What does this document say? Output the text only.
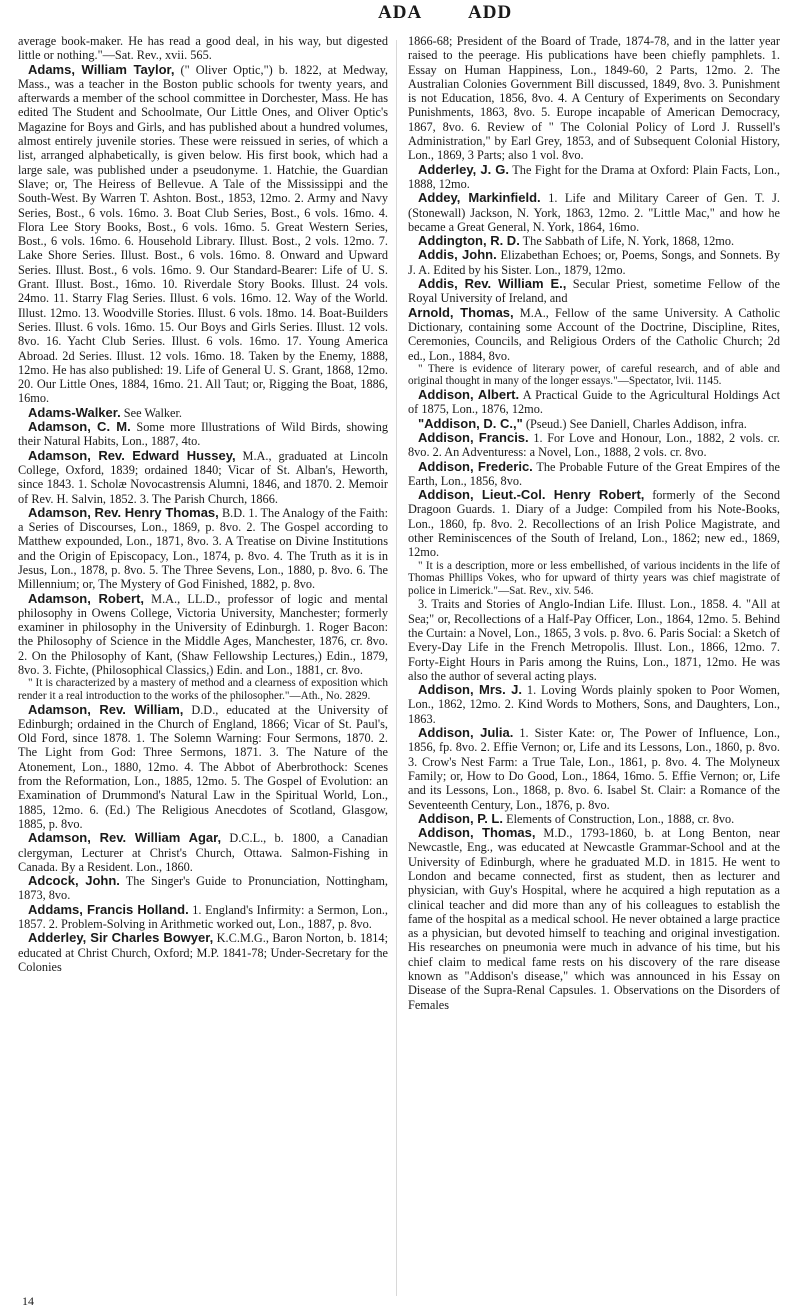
ADA ADD

average book-maker. He has read a good deal, in his way, but digested little or nothing."—Sat. Rev., xvii. 565.

Adams, William Taylor, (" Oliver Optic,") b. 1822, at Medway, Mass., was a teacher in the Boston public schools for twenty years, and afterwards a member of the school committee in Dorchester, Mass. He has edited The Student and Schoolmate, Our Little Ones, and Oliver Optic's Magazine for Boys and Girls, and has published about a hundred volumes, almost entirely juvenile stories. These were reissued in series, of which a list, arranged alphabetically, is given below. His first book, which had a large sale, was published under a pseudonyme. 1. Hatchie, the Guardian Slave; or, The Heiress of Bellevue. A Tale of the Mississippi and the South-West. By Warren T. Ashton. Bost., 1853, 12mo. 2. Army and Navy Series, Bost., 6 vols. 16mo. 3. Boat Club Series, Bost., 6 vols. 16mo. 4. Flora Lee Story Books, Bost., 6 vols. 16mo. 5. Great Western Series, Bost., 6 vols. 16mo. 6. Household Library. Illust. Bost., 2 vols. 12mo. 7. Lake Shore Series. Illust. Bost., 6 vols. 16mo. 8. Onward and Upward Series. Illust. Bost., 6 vols. 16mo. 9. Our Standard-Bearer: Life of U. S. Grant. Illust. Bost., 16mo. 10. Riverdale Story Books. Illust. 24 vols. 24mo. 11. Starry Flag Series. Illust. 6 vols. 16mo. 12. Way of the World. Illust. 12mo. 13. Woodville Stories. Illust. 6 vols. 18mo. 14. Boat-Builders Series. Illust. 6 vols. 16mo. 15. Our Boys and Girls Series. Illust. 12 vols. 8vo. 16. Yacht Club Series. Illust. 6 vols. 16mo. 17. Young America Abroad. 2d Series. Illust. 12 vols. 16mo. 18. Taken by the Enemy, 1888, 12mo. He has also published: 19. Life of General U. S. Grant, 1868, 12mo. 20. Our Little Ones, 1884, 16mo. 21. All Taut; or, Rigging the Boat, 1886, 16mo.

Adams-Walker. See Walker.

Adamson, C. M. Some more Illustrations of Wild Birds, showing their Natural Habits, Lon., 1887, 4to.

Adamson, Rev. Edward Hussey, M.A., graduated at Lincoln College, Oxford, 1839; ordained 1840; Vicar of St. Alban's, Heworth, since 1843. 1. Scholæ Novocastrensis Alumni, 1846, and 1870. 2. Memoir of Rev. H. Salvin, 1852. 3. The Parish Church, 1866.

Adamson, Rev. Henry Thomas, B.D. 1. The Analogy of the Faith: a Series of Discourses, Lon., 1869, p. 8vo. 2. The Gospel according to Matthew expounded, Lon., 1871, 8vo. 3. A Treatise on Divine Institutions and the Origin of Episcopacy, Lon., 1874, p. 8vo. 4. The Truth as it is in Jesus, Lon., 1878, p. 8vo. 5. The Three Sevens, Lon., 1880, p. 8vo. 6. The Millennium; or, The Mystery of God Finished, 1882, p. 8vo.

Adamson, Robert, M.A., LL.D., professor of logic and mental philosophy in Owens College, Victoria University, Manchester; formerly examiner in philosophy in the University of Edinburgh. 1. Roger Bacon: the Philosophy of Science in the Middle Ages, Manchester, 1876, cr. 8vo. 2. On the Philosophy of Kant, (Shaw Fellowship Lectures,) Edin., 1879, 8vo. 3. Fichte, (Philosophical Classics,) Edin. and Lon., 1881, cr. 8vo.

" It is characterized by a mastery of method and a clearness of exposition which render it a real introduction to the works of the philosopher."—Ath., No. 2829.

Adamson, Rev. William, D.D., educated at the University of Edinburgh; ordained in the Church of England, 1866; Vicar of St. Paul's, Old Ford, since 1878. 1. The Solemn Warning: Four Sermons, 1870. 2. The Light from God: Three Sermons, 1871. 3. The Nature of the Atonement, Lon., 1880, 12mo. 4. The Abbot of Aberbrothock: Scenes from the Reformation, Lon., 1885, 12mo. 5. The Gospel of Evolution: an Examination of Drummond's Natural Law in the Spiritual World, Lon., 1885, 12mo. 6. (Ed.) The Religious Anecdotes of Scotland, Glasgow, 1885, p. 8vo.

Adamson, Rev. William Agar, D.C.L., b. 1800, a Canadian clergyman, Lecturer at Christ's Church, Ottawa. Salmon-Fishing in Canada. By a Resident. Lon., 1860.

Adcock, John. The Singer's Guide to Pronunciation, Nottingham, 1873, 8vo.

Addams, Francis Holland. 1. England's Infirmity: a Sermon, Lon., 1857. 2. Problem-Solving in Arithmetic worked out, Lon., 1887, p. 8vo.

Adderley, Sir Charles Bowyer, K.C.M.G., Baron Norton, b. 1814; educated at Christ Church, Oxford; M.P. 1841-78; Under-Secretary for the Colonies

1866-68; President of the Board of Trade, 1874-78, and in the latter year raised to the peerage. His publications have been chiefly pamphlets. 1. Essay on Human Happiness, Lon., 1849-60, 2 Parts, 12mo. 2. The Australian Colonies Government Bill discussed, 1849, 8vo. 3. Punishment is not Education, 1856, 8vo. 4. A Century of Experiments on Secondary Punishments, 1863, 8vo. 5. Europe incapable of American Democracy, 1867, 8vo. 6. Review of " The Colonial Policy of Lord J. Russell's Administration," by Earl Grey, 1853, and of Subsequent Colonial History, Lon., 1869, 3 Parts; also 1 vol. 8vo.

Adderley, J. G. The Fight for the Drama at Oxford: Plain Facts, Lon., 1888, 12mo.

Addey, Markinfield. 1. Life and Military Career of Gen. T. J. (Stonewall) Jackson, N. York, 1863, 12mo. 2. "Little Mac," and how he became a Great General, N. York, 1864, 16mo.

Addington, R. D. The Sabbath of Life, N. York, 1868, 12mo.

Addis, John. Elizabethan Echoes; or, Poems, Songs, and Sonnets. By J. A. Edited by his Sister. Lon., 1879, 12mo.

Addis, Rev. William E., Secular Priest, sometime Fellow of the Royal University of Ireland, and

Arnold, Thomas, M.A., Fellow of the same University. A Catholic Dictionary, containing some Account of the Doctrine, Discipline, Rites, Ceremonies, Councils, and Religious Orders of the Catholic Church; 2d ed., Lon., 1884, 8vo.

" There is evidence of literary power, of careful research, and of able and original thought in many of the longer essays."—Spectator, lvii. 1145.

Addison, Albert. A Practical Guide to the Agricultural Holdings Act of 1875, Lon., 1876, 12mo.

"Addison, D. C.," (Pseud.) See Daniell, Charles Addison, infra.

Addison, Francis. 1. For Love and Honour, Lon., 1882, 2 vols. cr. 8vo. 2. An Adventuress: a Novel, Lon., 1888, 2 vols. cr. 8vo.

Addison, Frederic. The Probable Future of the Great Empires of the Earth, Lon., 1856, 8vo.

Addison, Lieut.-Col. Henry Robert, formerly of the Second Dragoon Guards. 1. Diary of a Judge: Compiled from his Note-Books, Lon., 1860, fp. 8vo. 2. Recollections of an Irish Police Magistrate, and other Reminiscences of the South of Ireland, Lon., 1862; new ed., 1869, 12mo.

" It is a description, more or less embellished, of various incidents in the life of Thomas Phillips Vokes, who for upward of thirty years was chief magistrate of police in Limerick."—Sat. Rev., xiv. 546.

3. Traits and Stories of Anglo-Indian Life. Illust. Lon., 1858. 4. "All at Sea;" or, Recollections of a Half-Pay Officer, Lon., 1864, 12mo. 5. Behind the Curtain: a Novel, Lon., 1865, 3 vols. p. 8vo. 6. Paris Social: a Sketch of Every-Day Life in the French Metropolis. Illust. Lon., 1866, 12mo. 7. Forty-Eight Hours in Paris among the Ruins, Lon., 1871, 12mo. He was also the author of several acting plays.

Addison, Mrs. J. 1. Loving Words plainly spoken to Poor Women, Lon., 1862, 12mo. 2. Kind Words to Mothers, Sons, and Daughters, Lon., 1863.

Addison, Julia. 1. Sister Kate: or, The Power of Influence, Lon., 1856, fp. 8vo. 2. Effie Vernon; or, Life and its Lessons, Lon., 1860, p. 8vo. 3. Crow's Nest Farm: a True Tale, Lon., 1861, p. 8vo. 4. The Molyneux Family; or, How to Do Good, Lon., 1864, 16mo. 5. Effie Vernon; or, Life and its Lessons, Lon., 1868, p. 8vo. 6. Isabel St. Clair: a Romance of the Seventeenth Century, Lon., 1876, p. 8vo.

Addison, P. L. Elements of Construction, Lon., 1888, cr. 8vo.

Addison, Thomas, M.D., 1793-1860, b. at Long Benton, near Newcastle, Eng., was educated at Newcastle Grammar-School and at the University of Edinburgh, where he graduated M.D. in 1815. He went to London and became connected, first as student, then as lecturer and physician, with Guy's Hospital, where he acquired a high reputation as a clinical teacher and did more than any of his colleagues to establish the fame of the hospital as a medical school. He never obtained a large practice as a physician, but devoted himself to teaching and original investigation. His researches on pneumonia were much in advance of his time, but his chief claim to medical fame rests on his discovery of the rare disease known as "Addison's disease," which was announced in his Essay on Disease of the Supra-Renal Capsules. 1. Observations on the Disorders of Females

14
